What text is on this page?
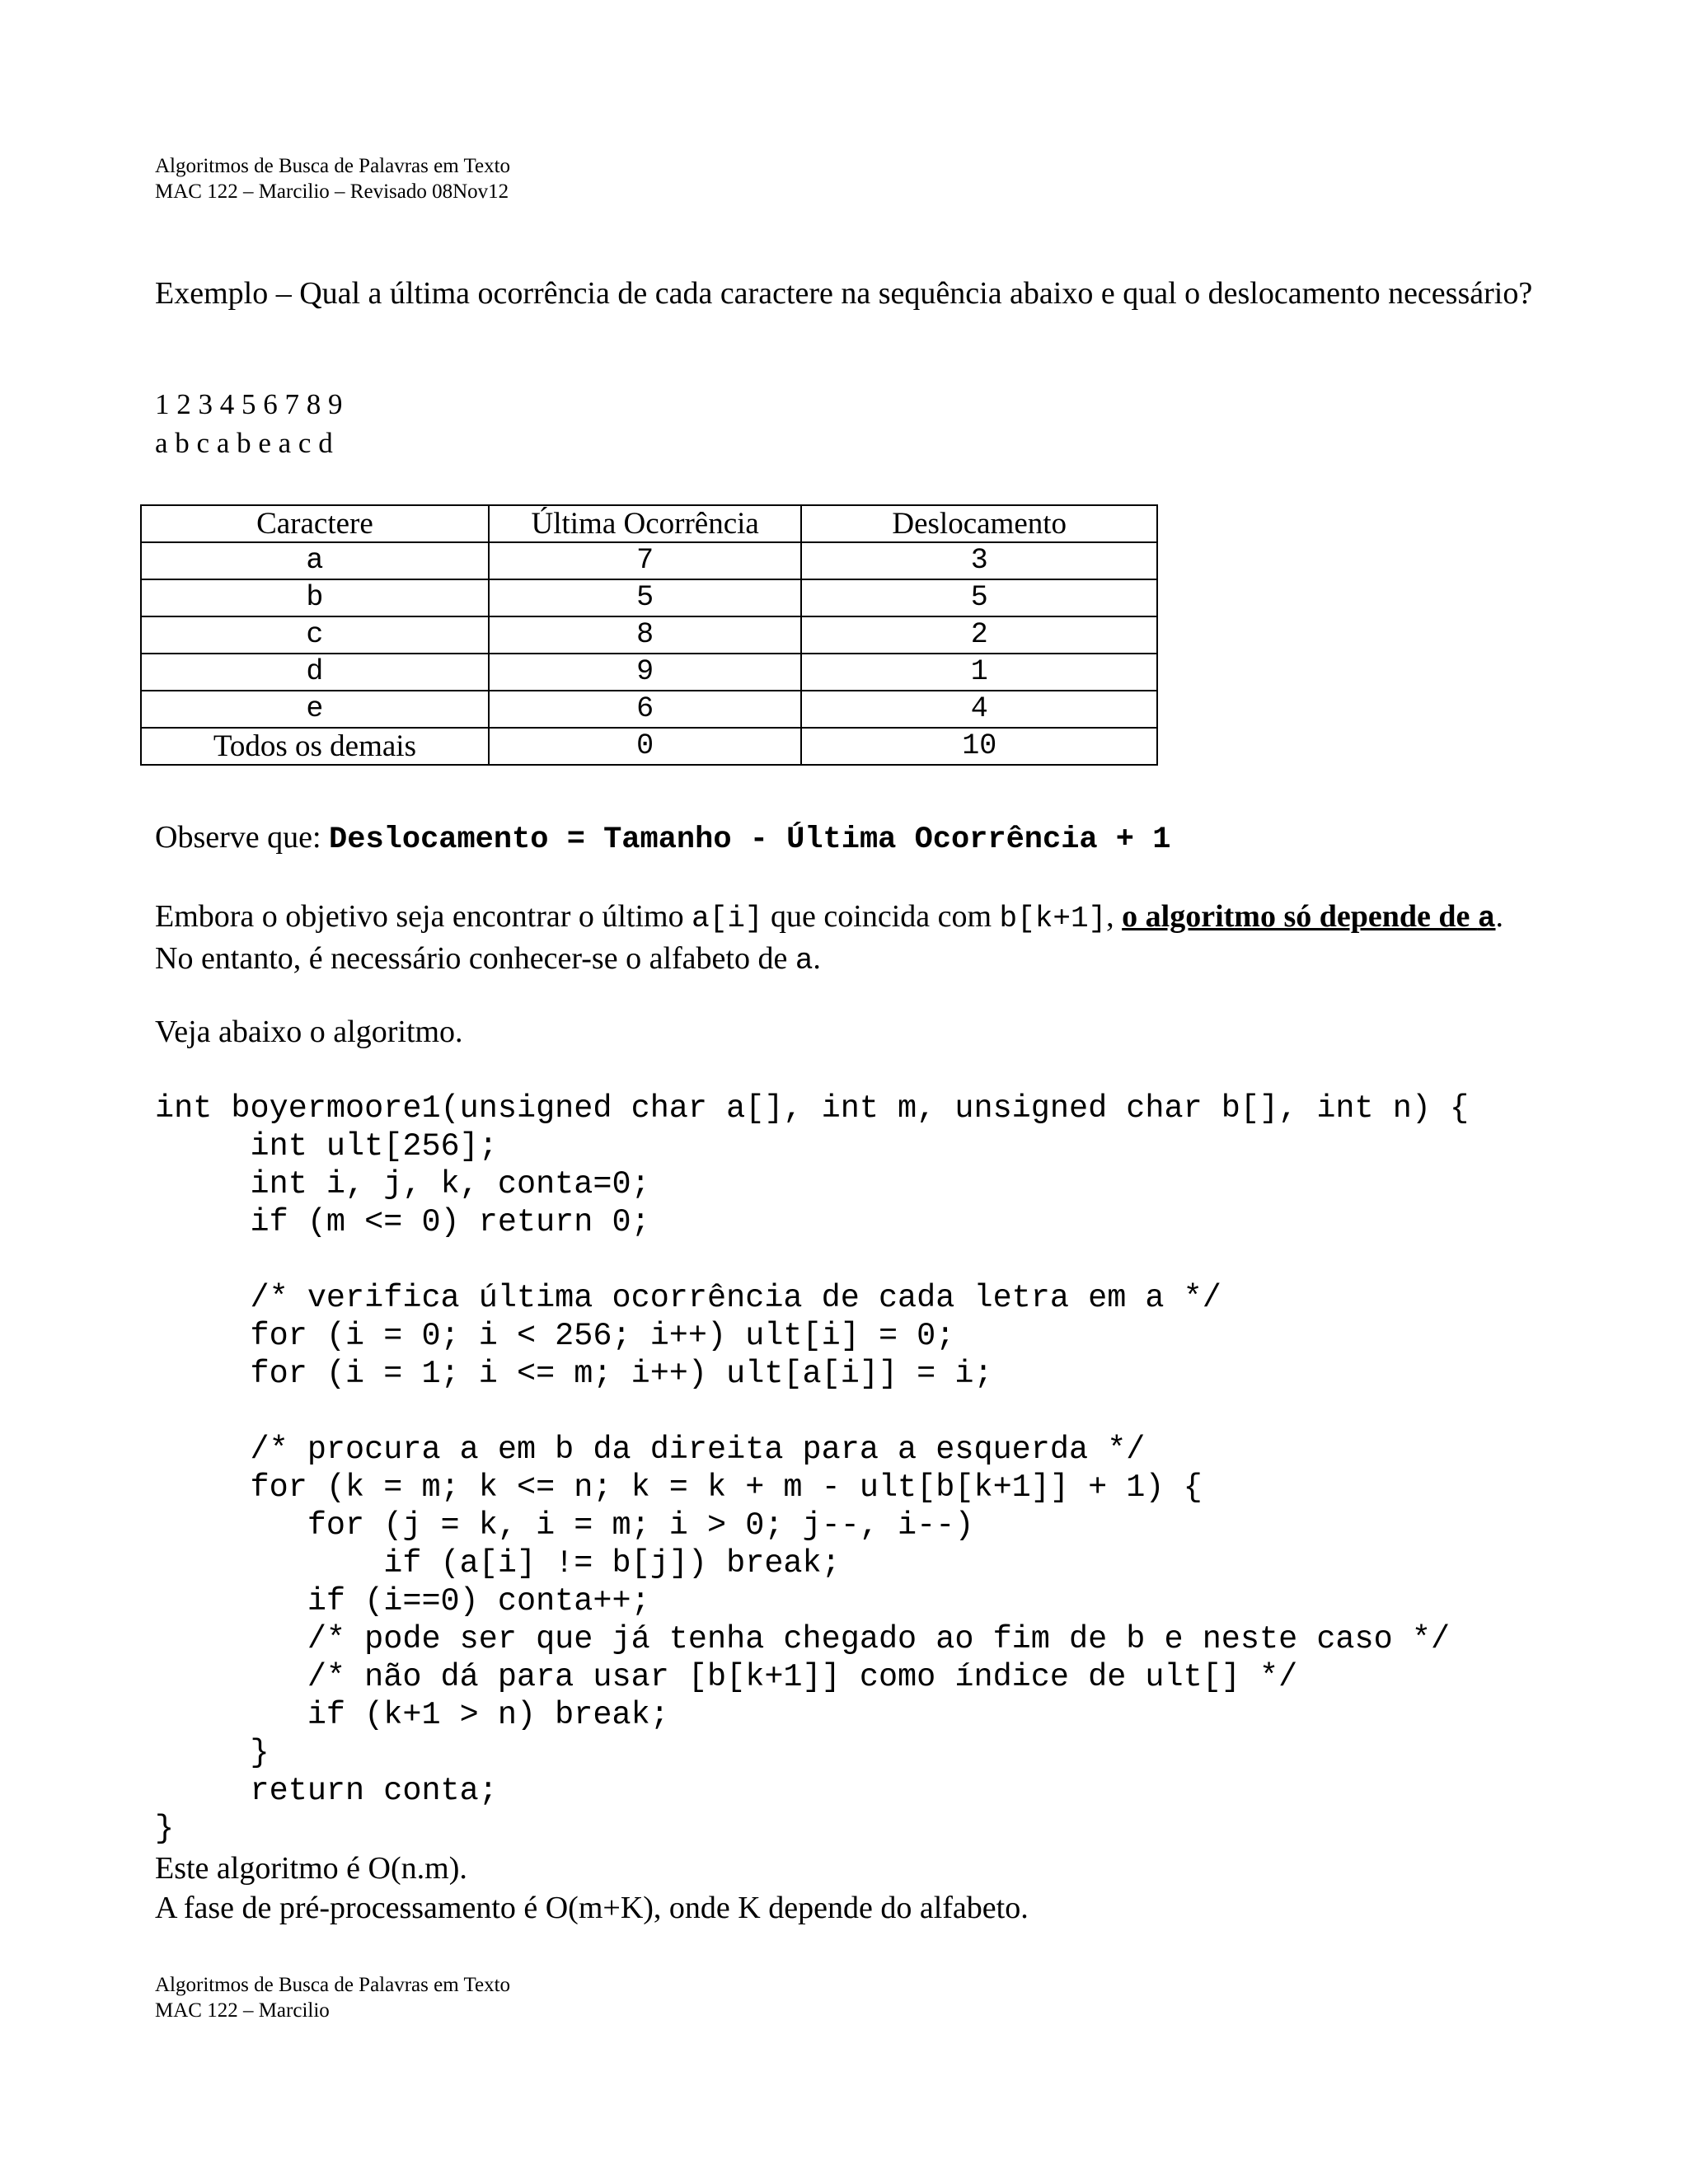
Algoritmos de Busca de Palavras em Texto
MAC 122 – Marcilio – Revisado 08Nov12
Exemplo – Qual a última ocorrência de cada caractere na sequência abaixo e qual o deslocamento necessário?
1 2 3 4 5 6 7 8 9
a b c a b e a c d
Caractere	Última Ocorrência	Deslocamento
a	7	3
b	5	5
c	8	2
d	9	1
e	6	4
Todos os demais	0	10
Observe que: Deslocamento = Tamanho - Última Ocorrência + 1
Embora o objetivo seja encontrar o último a[i] que coincida com b[k+1], o algoritmo só depende de a. No entanto, é necessário conhecer-se o alfabeto de a.
Veja abaixo o algoritmo.
int boyermoore1(unsigned char a[], int m, unsigned char b[], int n) {
int ult[256];
int i, j, k, conta=0;
if (m <= 0) return 0;

/* verifica última ocorrência de cada letra em a */
for (i = 0; i < 256; i++) ult[i] = 0;
for (i = 1; i <= m; i++) ult[a[i]] = i;

/* procura a em b da direita para a esquerda */
for (k = m; k <= n; k = k + m - ult[b[k+1]] + 1) {
for (j = k, i = m; i > 0; j--, i--)
if (a[i] != b[j]) break;
if (i==0) conta++;
/* pode ser que já tenha chegado ao fim de b e neste caso */
/* não dá para usar [b[k+1]] como índice de ult[] */
if (k+1 > n) break;
}
return conta;
}
Este algoritmo é O(n.m).
A fase de pré-processamento é O(m+K), onde K depende do alfabeto.
Algoritmos de Busca de Palavras em Texto
MAC 122 – Marcilio
